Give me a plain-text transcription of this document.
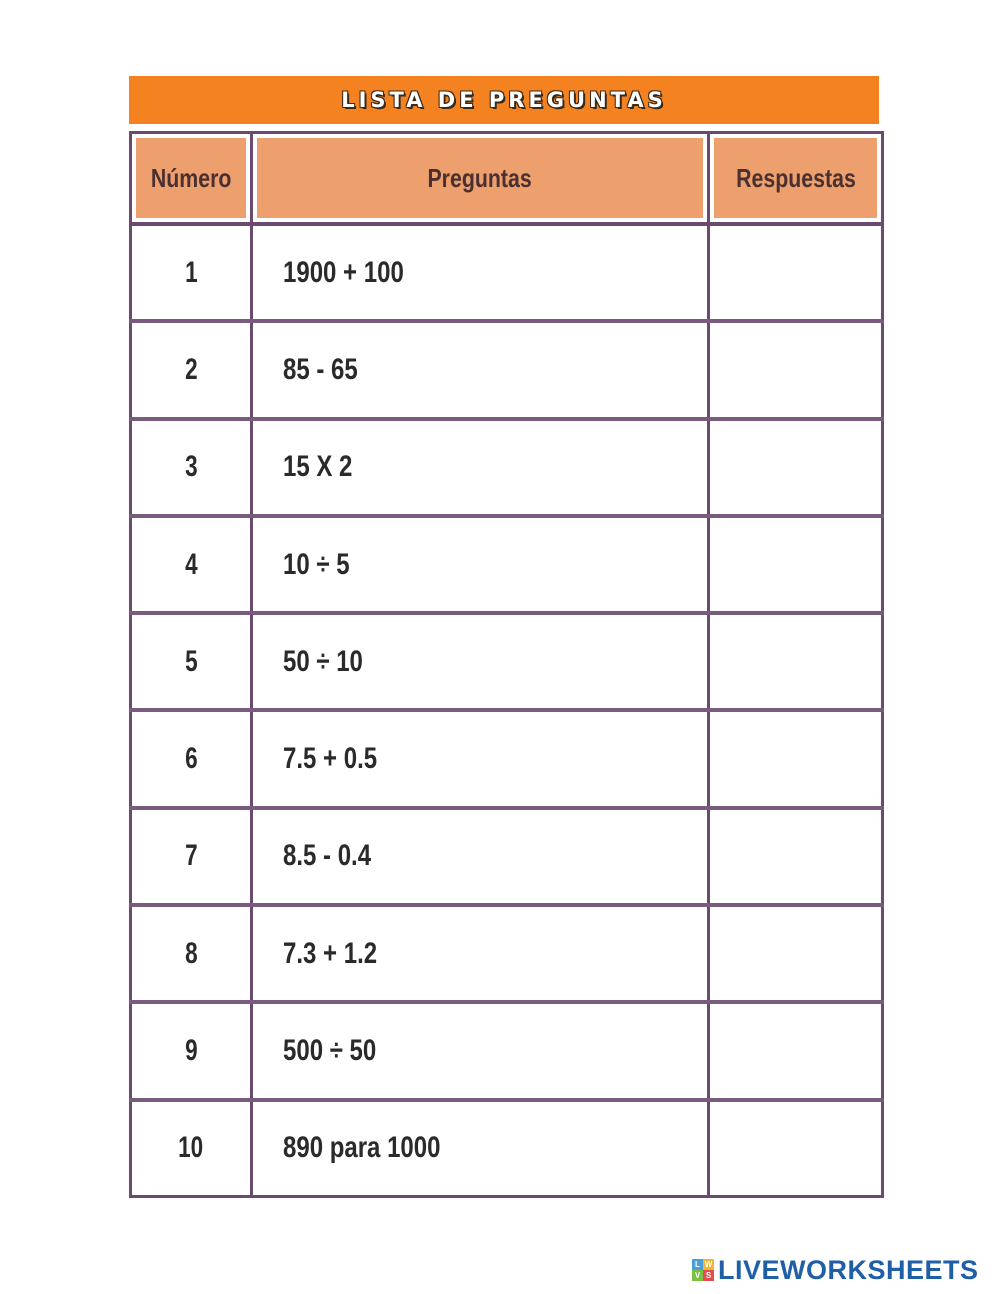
LISTA DE PREGUNTAS
Número	Preguntas	Respuestas
1	1900 + 100	
2	85 - 65	
3	15 X 2	
4	10 ÷ 5	
5	50 ÷ 10	
6	7.5 + 0.5	
7	8.5 - 0.4	
8	7.3 + 1.2	
9	500 ÷ 50	
10	890 para 1000	
L W
V S LIVEWORKSHEETS
